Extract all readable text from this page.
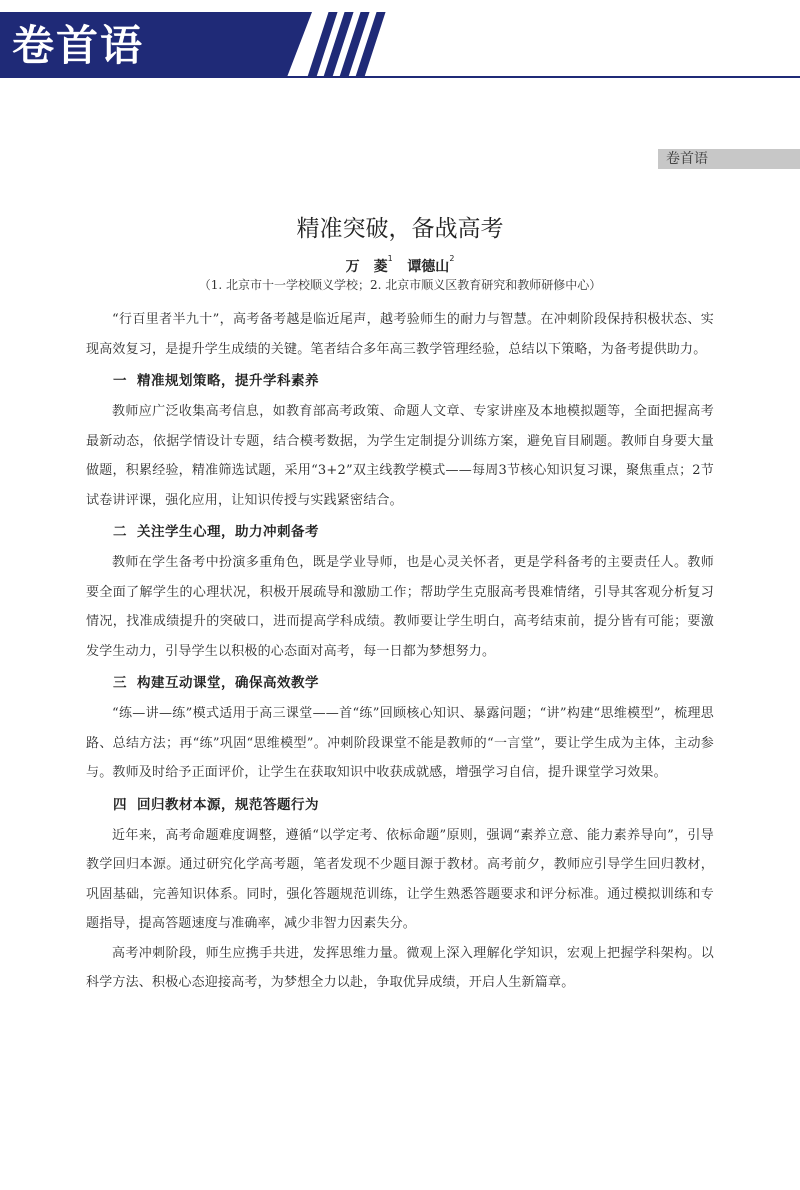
卷首语
卷首语
精准突破，备战高考
万　菱$^1$   谭德山$^2$
（1. 北京市十一学校顺义学校；2. 北京市顺义区教育研究和教师研修中心）

“行百里者半九十”，高考备考越是临近尾声，越考验师生的耐力与智慧。在冲刺阶段保持积极状态、实现高效复习，是提升学生成绩的关键。笔者结合多年高三教学管理经验，总结以下策略，为备考提供助力。

一 精准规划策略，提升学科素养

教师应广泛收集高考信息，如教育部高考政策、命题人文章、专家讲座及本地模拟题等，全面把握高考最新动态，依据学情设计专题，结合模考数据，为学生定制提分训练方案，避免盲目刷题。教师自身要大量做题，积累经验，精准筛选试题，采用“3+2”双主线教学模式——每周3节核心知识复习课，聚焦重点；2节试卷讲评课，强化应用，让知识传授与实践紧密结合。

二 关注学生心理，助力冲刺备考

教师在学生备考中扮演多重角色，既是学业导师，也是心灵关怀者，更是学科备考的主要责任人。教师要全面了解学生的心理状况，积极开展疏导和激励工作；帮助学生克服高考畏难情绪，引导其客观分析复习情况，找准成绩提升的突破口，进而提高学科成绩。教师要让学生明白，高考结束前，提分皆有可能；要激发学生动力，引导学生以积极的心态面对高考，每一日都为梦想努力。

三 构建互动课堂，确保高效教学

“练—讲—练”模式适用于高三课堂——首“练”回顾核心知识、暴露问题；“讲”构建“思维模型”，梳理思路、总结方法；再“练”巩固“思维模型”。冲刺阶段课堂不能是教师的“一言堂”，要让学生成为主体，主动参与。教师及时给予正面评价，让学生在获取知识中收获成就感，增强学习自信，提升课堂学习效果。

四 回归教材本源，规范答题行为

近年来，高考命题难度调整，遵循“以学定考、依标命题”原则，强调“素养立意、能力素养导向”，引导教学回归本源。通过研究化学高考题，笔者发现不少题目源于教材。高考前夕，教师应引导学生回归教材，巩固基础，完善知识体系。同时，强化答题规范训练，让学生熟悉答题要求和评分标准。通过模拟训练和专题指导，提高答题速度与准确率，减少非智力因素失分。

高考冲刺阶段，师生应携手共进，发挥思维力量。微观上深入理解化学知识，宏观上把握学科架构。以科学方法、积极心态迎接高考，为梦想全力以赴，争取优异成绩，开启人生新篇章。
